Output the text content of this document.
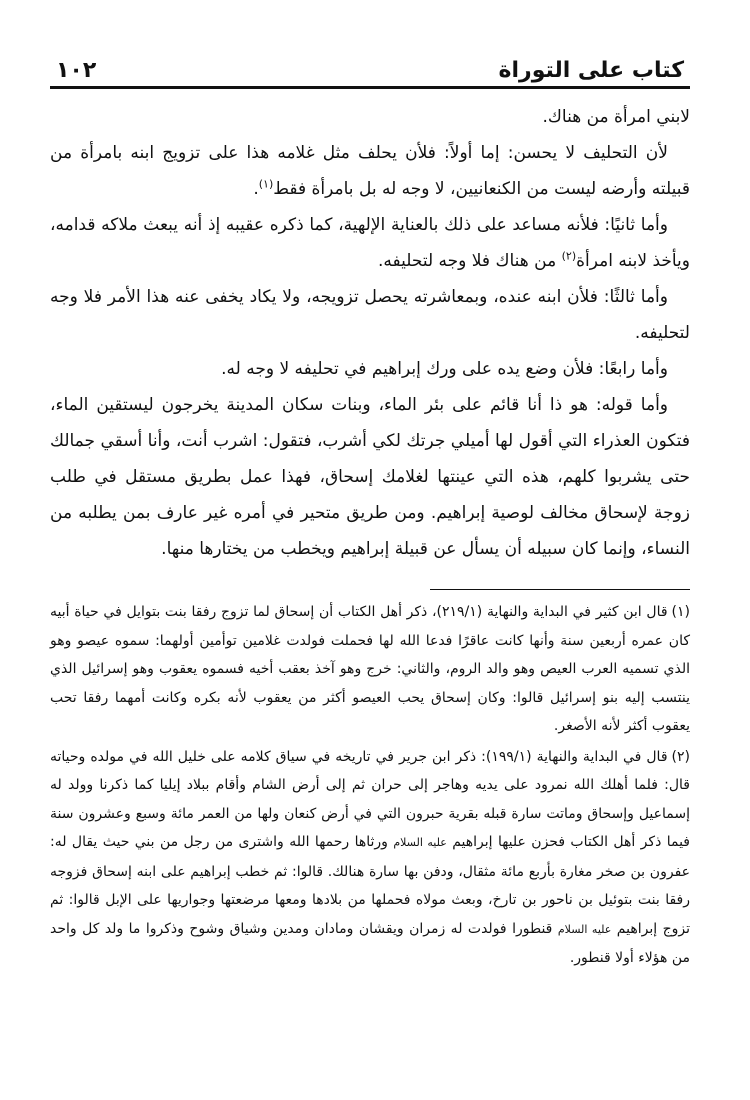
كتاب على التوراة
١٠٢

لابني امرأة من هناك.

لأن التحليف لا يحسن: إما أولاً: فلأن يحلف مثل غلامه هذا على تزويج ابنه بامرأة من قبيلته وأرضه ليست من الكنعانيين، لا وجه له بل بامرأة فقط$^{(١)}$.

وأما ثانيًا: فلأنه مساعد على ذلك بالعناية الإلهية، كما ذكره عقيبه إذ أنه يبعث ملاكه قدامه، ويأخذ لابنه امرأة$^{(٢)}$ من هناك فلا وجه لتحليفه.

وأما ثالثًا: فلأن ابنه عنده، وبمعاشرته يحصل تزويجه، ولا يكاد يخفى عنه هذا الأمر فلا وجه لتحليفه.

وأما رابعًا: فلأن وضع يده على ورك إبراهيم في تحليفه لا وجه له.

وأما قوله: هو ذا أنا قائم على بئر الماء، وبنات سكان المدينة يخرجون ليستقين الماء، فتكون العذراء التي أقول لها أميلي جرتك لكي أشرب، فتقول: اشرب أنت، وأنا أسقي جمالك حتى يشربوا كلهم، هذه التي عينتها لغلامك إسحاق، فهذا عمل بطريق مستقل في طلب زوجة لإسحاق مخالف لوصية إبراهيم. ومن طريق متحير في أمره غير عارف بمن يطلبه من النساء، وإنما كان سبيله أن يسأل عن قبيلة إبراهيم ويخطب من يختارها منها.

(١)قال ابن كثير في البداية والنهاية (٢١٩/١)، ذكر أهل الكتاب أن إسحاق لما تزوج رفقا بنت بتوايل في حياة أبيه كان عمره أربعين سنة وأنها كانت عاقرًا فدعا الله لها فحملت فولدت غلامين توأمين أولهما: سموه عيصو وهو الذي تسميه العرب العيص وهو والد الروم، والثاني: خرج وهو آخذ بعقب أخيه فسموه يعقوب وهو إسرائيل الذي ينتسب إليه بنو إسرائيل قالوا: وكان إسحاق يحب العيصو أكثر من يعقوب لأنه بكره وكانت أمهما رفقا تحب يعقوب أكثر لأنه الأصغر.

(٢)قال في البداية والنهاية (١٩٩/١): ذكر ابن جرير في تاريخه في سياق كلامه على خليل الله في مولده وحياته قال: فلما أهلك الله نمرود على يديه وهاجر إلى حران ثم إلى أرض الشام وأقام ببلاد إيليا كما ذكرنا وولد له إسماعيل وإسحاق وماتت سارة قبله بقرية حبرون التي في أرض كنعان ولها من العمر مائة وسبع وعشرون سنة فيما ذكر أهل الكتاب فحزن عليها إبراهيم عليه السلام ورثاها رحمها الله واشترى من رجل من بني حيث يقال له: عفرون بن صخر مغارة بأربع مائة مثقال، ودفن بها سارة هنالك. قالوا: ثم خطب إبراهيم على ابنه إسحاق فزوجه رفقا بنت بتوئيل بن ناحور بن تارخ، وبعث مولاه فحملها من بلادها ومعها مرضعتها وجواريها على الإبل قالوا: ثم تزوج إبراهيم عليه السلام قنطورا فولدت له زمران ويقشان ومادان ومدين وشياق وشوح وذكروا ما ولد كل واحد من هؤلاء أولا قنطور.
